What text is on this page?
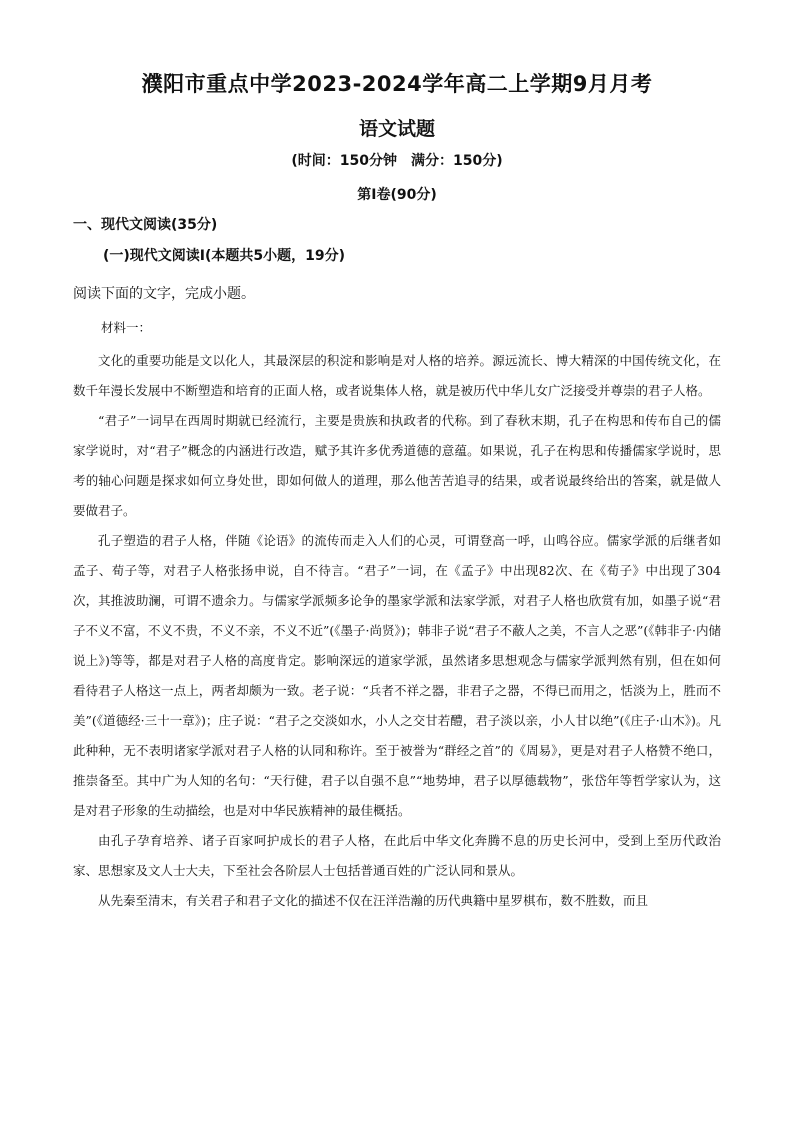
濮阳市重点中学2023-2024学年高二上学期9月月考
语文试题
(时间：150分钟　满分：150分)
第Ⅰ卷(90分)
一、现代文阅读(35分)
(一)现代文阅读Ⅰ(本题共5小题，19分)
阅读下面的文字，完成小题。
材料一：

文化的重要功能是文以化人，其最深层的积淀和影响是对人格的培养。源远流长、博大精深的中国传统文化，在数千年漫长发展中不断塑造和培育的正面人格，或者说集体人格，就是被历代中华儿女广泛接受并尊崇的君子人格。

“君子”一词早在西周时期就已经流行，主要是贵族和执政者的代称。到了春秋末期，孔子在构思和传布自己的儒家学说时，对“君子”概念的内涵进行改造，赋予其许多优秀道德的意蕴。如果说，孔子在构思和传播儒家学说时，思考的轴心问题是探求如何立身处世，即如何做人的道理，那么他苦苦追寻的结果，或者说最终给出的答案，就是做人要做君子。

孔子塑造的君子人格，伴随《论语》的流传而走入人们的心灵，可谓登高一呼，山鸣谷应。儒家学派的后继者如孟子、荀子等，对君子人格张扬申说，自不待言。“君子”一词，在《孟子》中出现82次、在《荀子》中出现了304次，其推波助澜，可谓不遗余力。与儒家学派频多论争的墨家学派和法家学派，对君子人格也欣赏有加，如墨子说“君子不义不富，不义不贵，不义不亲，不义不近”(《墨子·尚贤》)；韩非子说“君子不蔽人之美，不言人之恶”(《韩非子·内储说上》)等等，都是对君子人格的高度肯定。影响深远的道家学派，虽然诸多思想观念与儒家学派判然有别，但在如何看待君子人格这一点上，两者却颇为一致。老子说：“兵者不祥之器，非君子之器，不得已而用之，恬淡为上，胜而不美”(《道德经·三十一章》)；庄子说：“君子之交淡如水，小人之交甘若醴，君子淡以亲，小人甘以绝”(《庄子·山木》)。凡此种种，无不表明诸家学派对君子人格的认同和称许。至于被誉为“群经之首”的《周易》，更是对君子人格赞不绝口，推崇备至。其中广为人知的名句：“天行健，君子以自强不息”“地势坤，君子以厚德载物”，张岱年等哲学家认为，这是对君子形象的生动描绘，也是对中华民族精神的最佳概括。

由孔子孕育培养、诸子百家呵护成长的君子人格，在此后中华文化奔腾不息的历史长河中，受到上至历代政治家、思想家及文人士大夫，下至社会各阶层人士包括普通百姓的广泛认同和景从。

从先秦至清末，有关君子和君子文化的描述不仅在汪洋浩瀚的历代典籍中星罗棋布，数不胜数，而且
